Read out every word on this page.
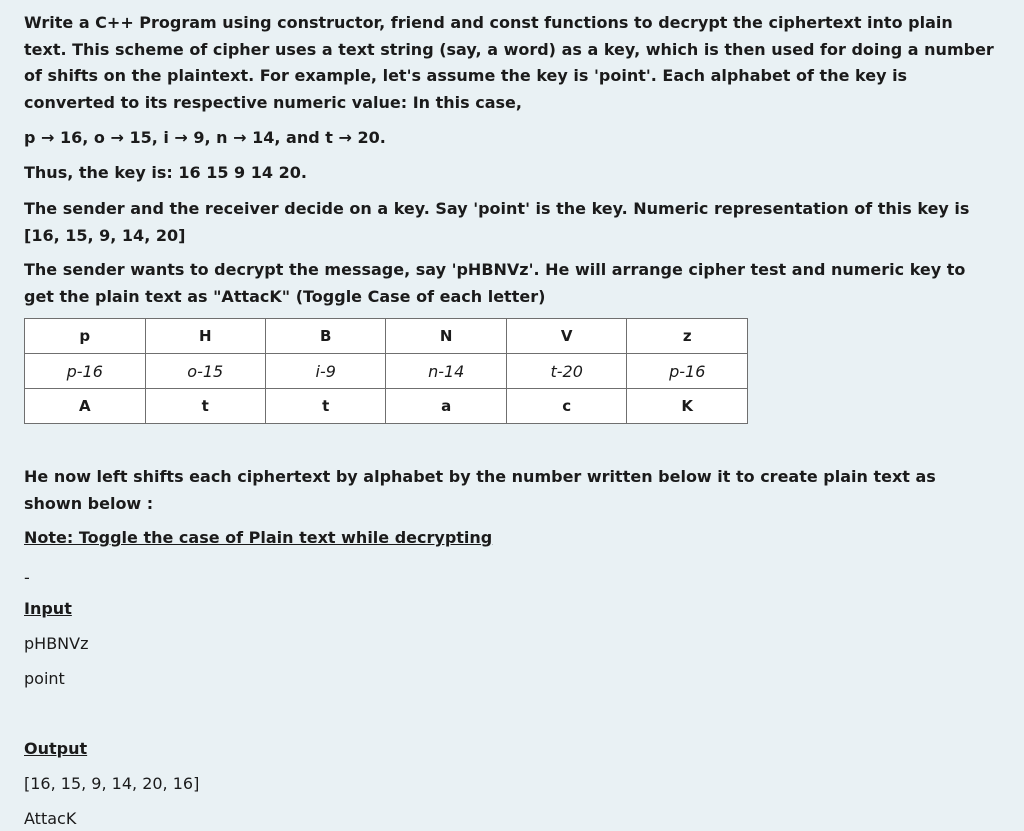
Write a C++ Program using constructor, friend and const functions to decrypt the ciphertext into plain text. This scheme of cipher uses a text string (say, a word) as a key, which is then used for doing a number of shifts on the plaintext. For example, let's assume the key is 'point'. Each alphabet of the key is converted to its respective numeric value: In this case,

p → 16, o → 15, i → 9, n → 14, and t → 20.

Thus, the key is: 16 15 9 14 20.

The sender and the receiver decide on a key. Say 'point' is the key. Numeric representation of this key is [16, 15, 9, 14, 20]

The sender wants to decrypt the message, say 'pHBNVz'. He will arrange cipher test and numeric key to get the plain text as "AttacK" (Toggle Case of each letter)

p	H	B	N	V	z
p-16	o-15	i-9	n-14	t-20	p-16
A	t	t	a	c	K

He now left shifts each ciphertext by alphabet by the number written below it to create plain text as shown below :

Note: Toggle the case of Plain text while decrypting

-

Input

pHBNVz

point

Output

[16, 15, 9, 14, 20, 16]

AttacK
